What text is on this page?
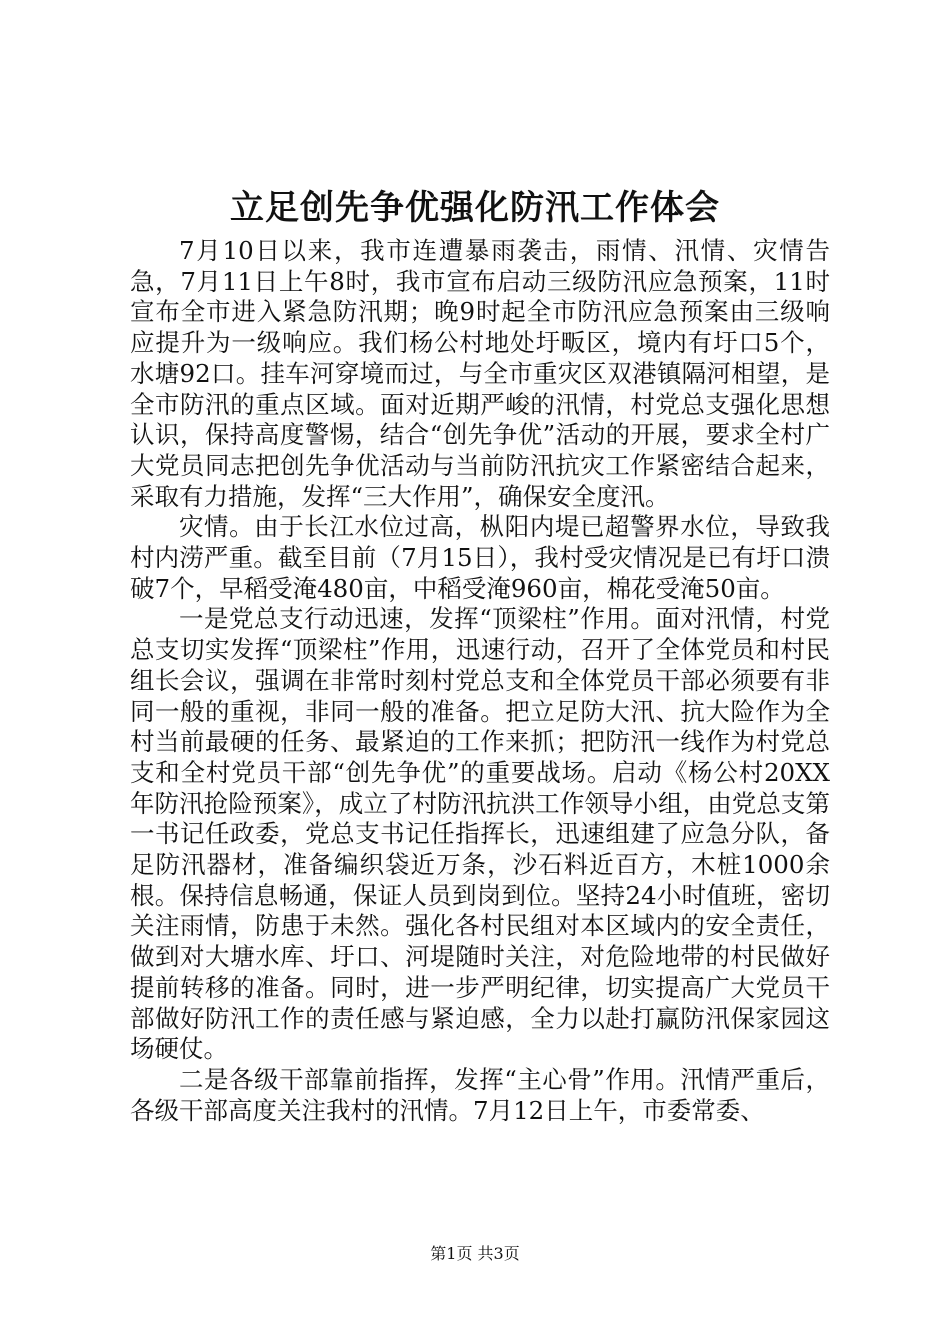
立足创先争优强化防汛工作体会

7月10日以来，我市连遭暴雨袭击，雨情、汛情、灾情告急，7月11日上午8时，我市宣布启动三级防汛应急预案，11时宣布全市进入紧急防汛期；晚9时起全市防汛应急预案由三级响应提升为一级响应。我们杨公村地处圩畈区，境内有圩口5个，水塘92口。挂车河穿境而过，与全市重灾区双港镇隔河相望，是全市防汛的重点区域。面对近期严峻的汛情，村党总支强化思想认识，保持高度警惕，结合“创先争优”活动的开展，要求全村广大党员同志把创先争优活动与当前防汛抗灾工作紧密结合起来，采取有力措施，发挥“三大作用”，确保安全度汛。

灾情。由于长江水位过高，枞阳内堤已超警界水位，导致我村内涝严重。截至目前（7月15日），我村受灾情况是已有圩口溃破7个，早稻受淹480亩，中稻受淹960亩，棉花受淹50亩。

一是党总支行动迅速，发挥“顶梁柱”作用。面对汛情，村党总支切实发挥“顶梁柱”作用，迅速行动，召开了全体党员和村民组长会议，强调在非常时刻村党总支和全体党员干部必须要有非同一般的重视，非同一般的准备。把立足防大汛、抗大险作为全村当前最硬的任务、最紧迫的工作来抓；把防汛一线作为村党总支和全村党员干部“创先争优”的重要战场。启动《杨公村20XX年防汛抢险预案》，成立了村防汛抗洪工作领导小组，由党总支第一书记任政委，党总支书记任指挥长，迅速组建了应急分队，备足防汛器材，准备编织袋近万条，沙石料近百方，木桩1000余根。保持信息畅通，保证人员到岗到位。坚持24小时值班，密切关注雨情，防患于未然。强化各村民组对本区域内的安全责任，做到对大塘水库、圩口、河堤随时关注，对危险地带的村民做好提前转移的准备。同时，进一步严明纪律，切实提高广大党员干部做好防汛工作的责任感与紧迫感，全力以赴打赢防汛保家园这场硬仗。

二是各级干部靠前指挥，发挥“主心骨”作用。汛情严重后，各级干部高度关注我村的汛情。7月12日上午，市委常委、

第1页 共3页
